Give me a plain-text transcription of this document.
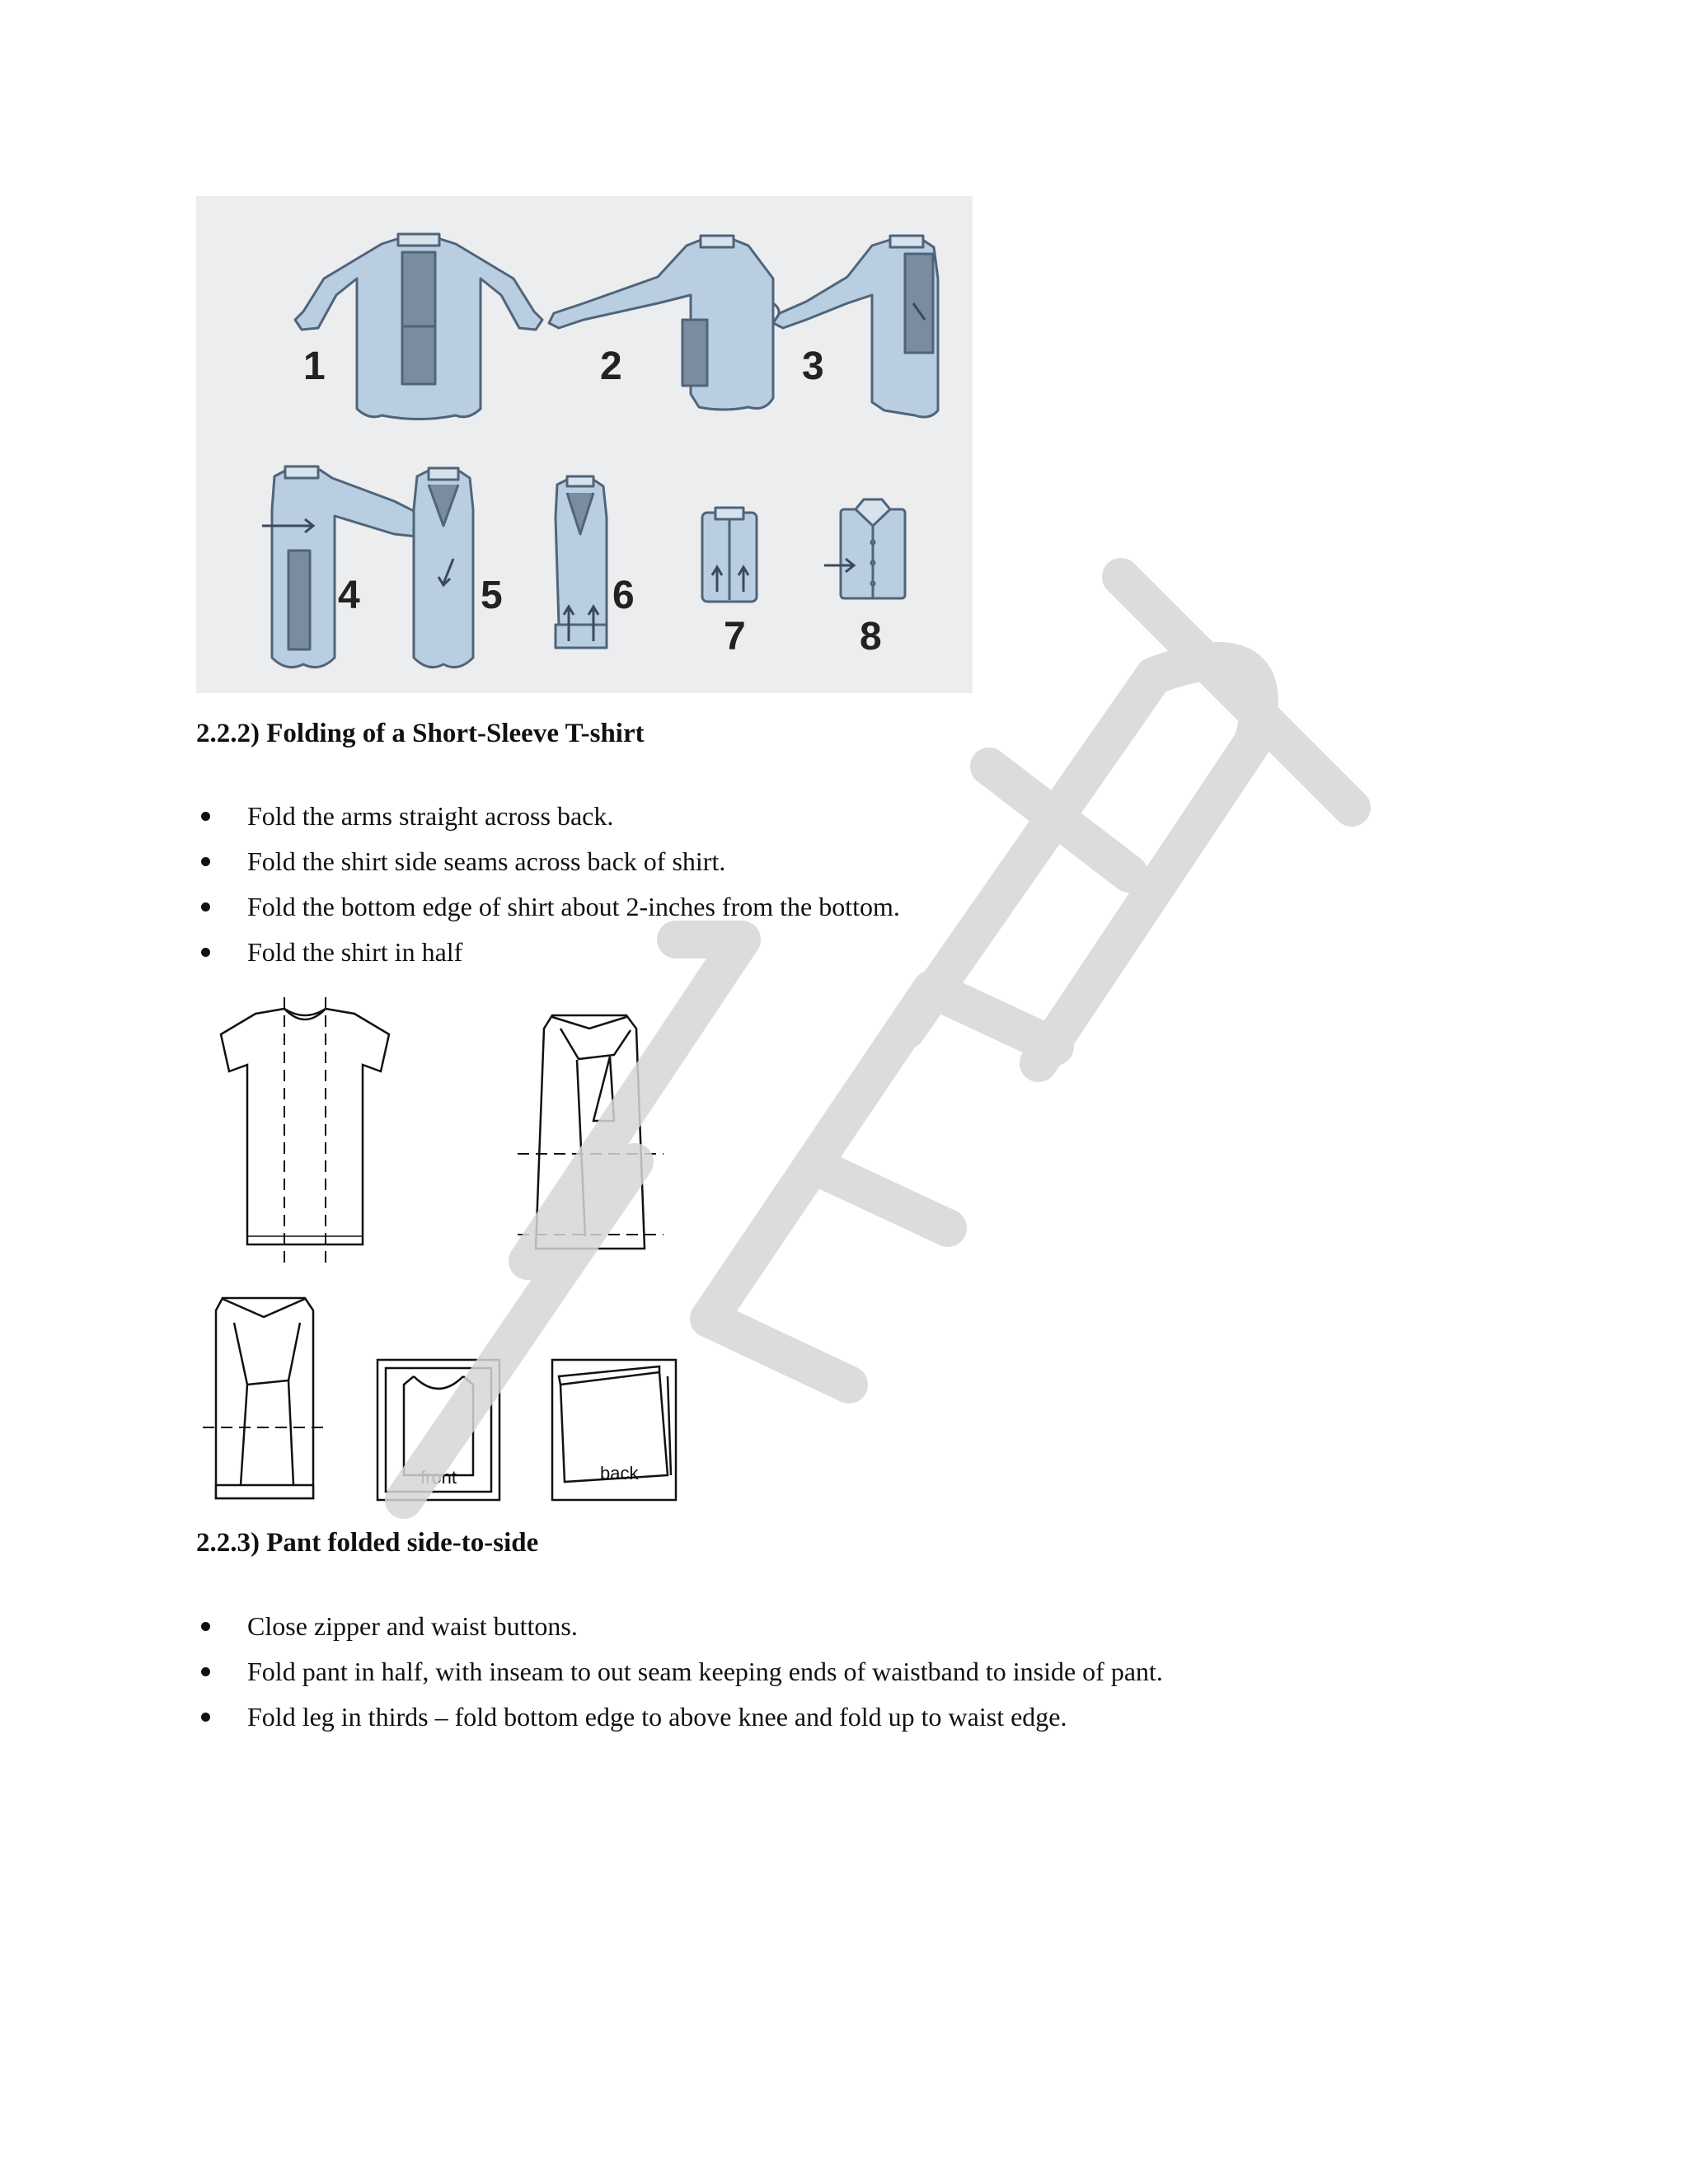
1	2	3
4	5	6
7	8
2.2.2) Folding of a Short-Sleeve T-shirt
Fold the arms straight across back.
Fold the shirt side seams across back of shirt.
Fold the bottom edge of shirt about 2-inches from the bottom.
Fold the shirt in half
front	back
2.2.3) Pant folded side-to-side
Close zipper and waist buttons.
Fold pant in half, with inseam to out seam keeping ends of waistband to inside of pant.
Fold leg in thirds – fold bottom edge to above knee and fold up to waist edge.
